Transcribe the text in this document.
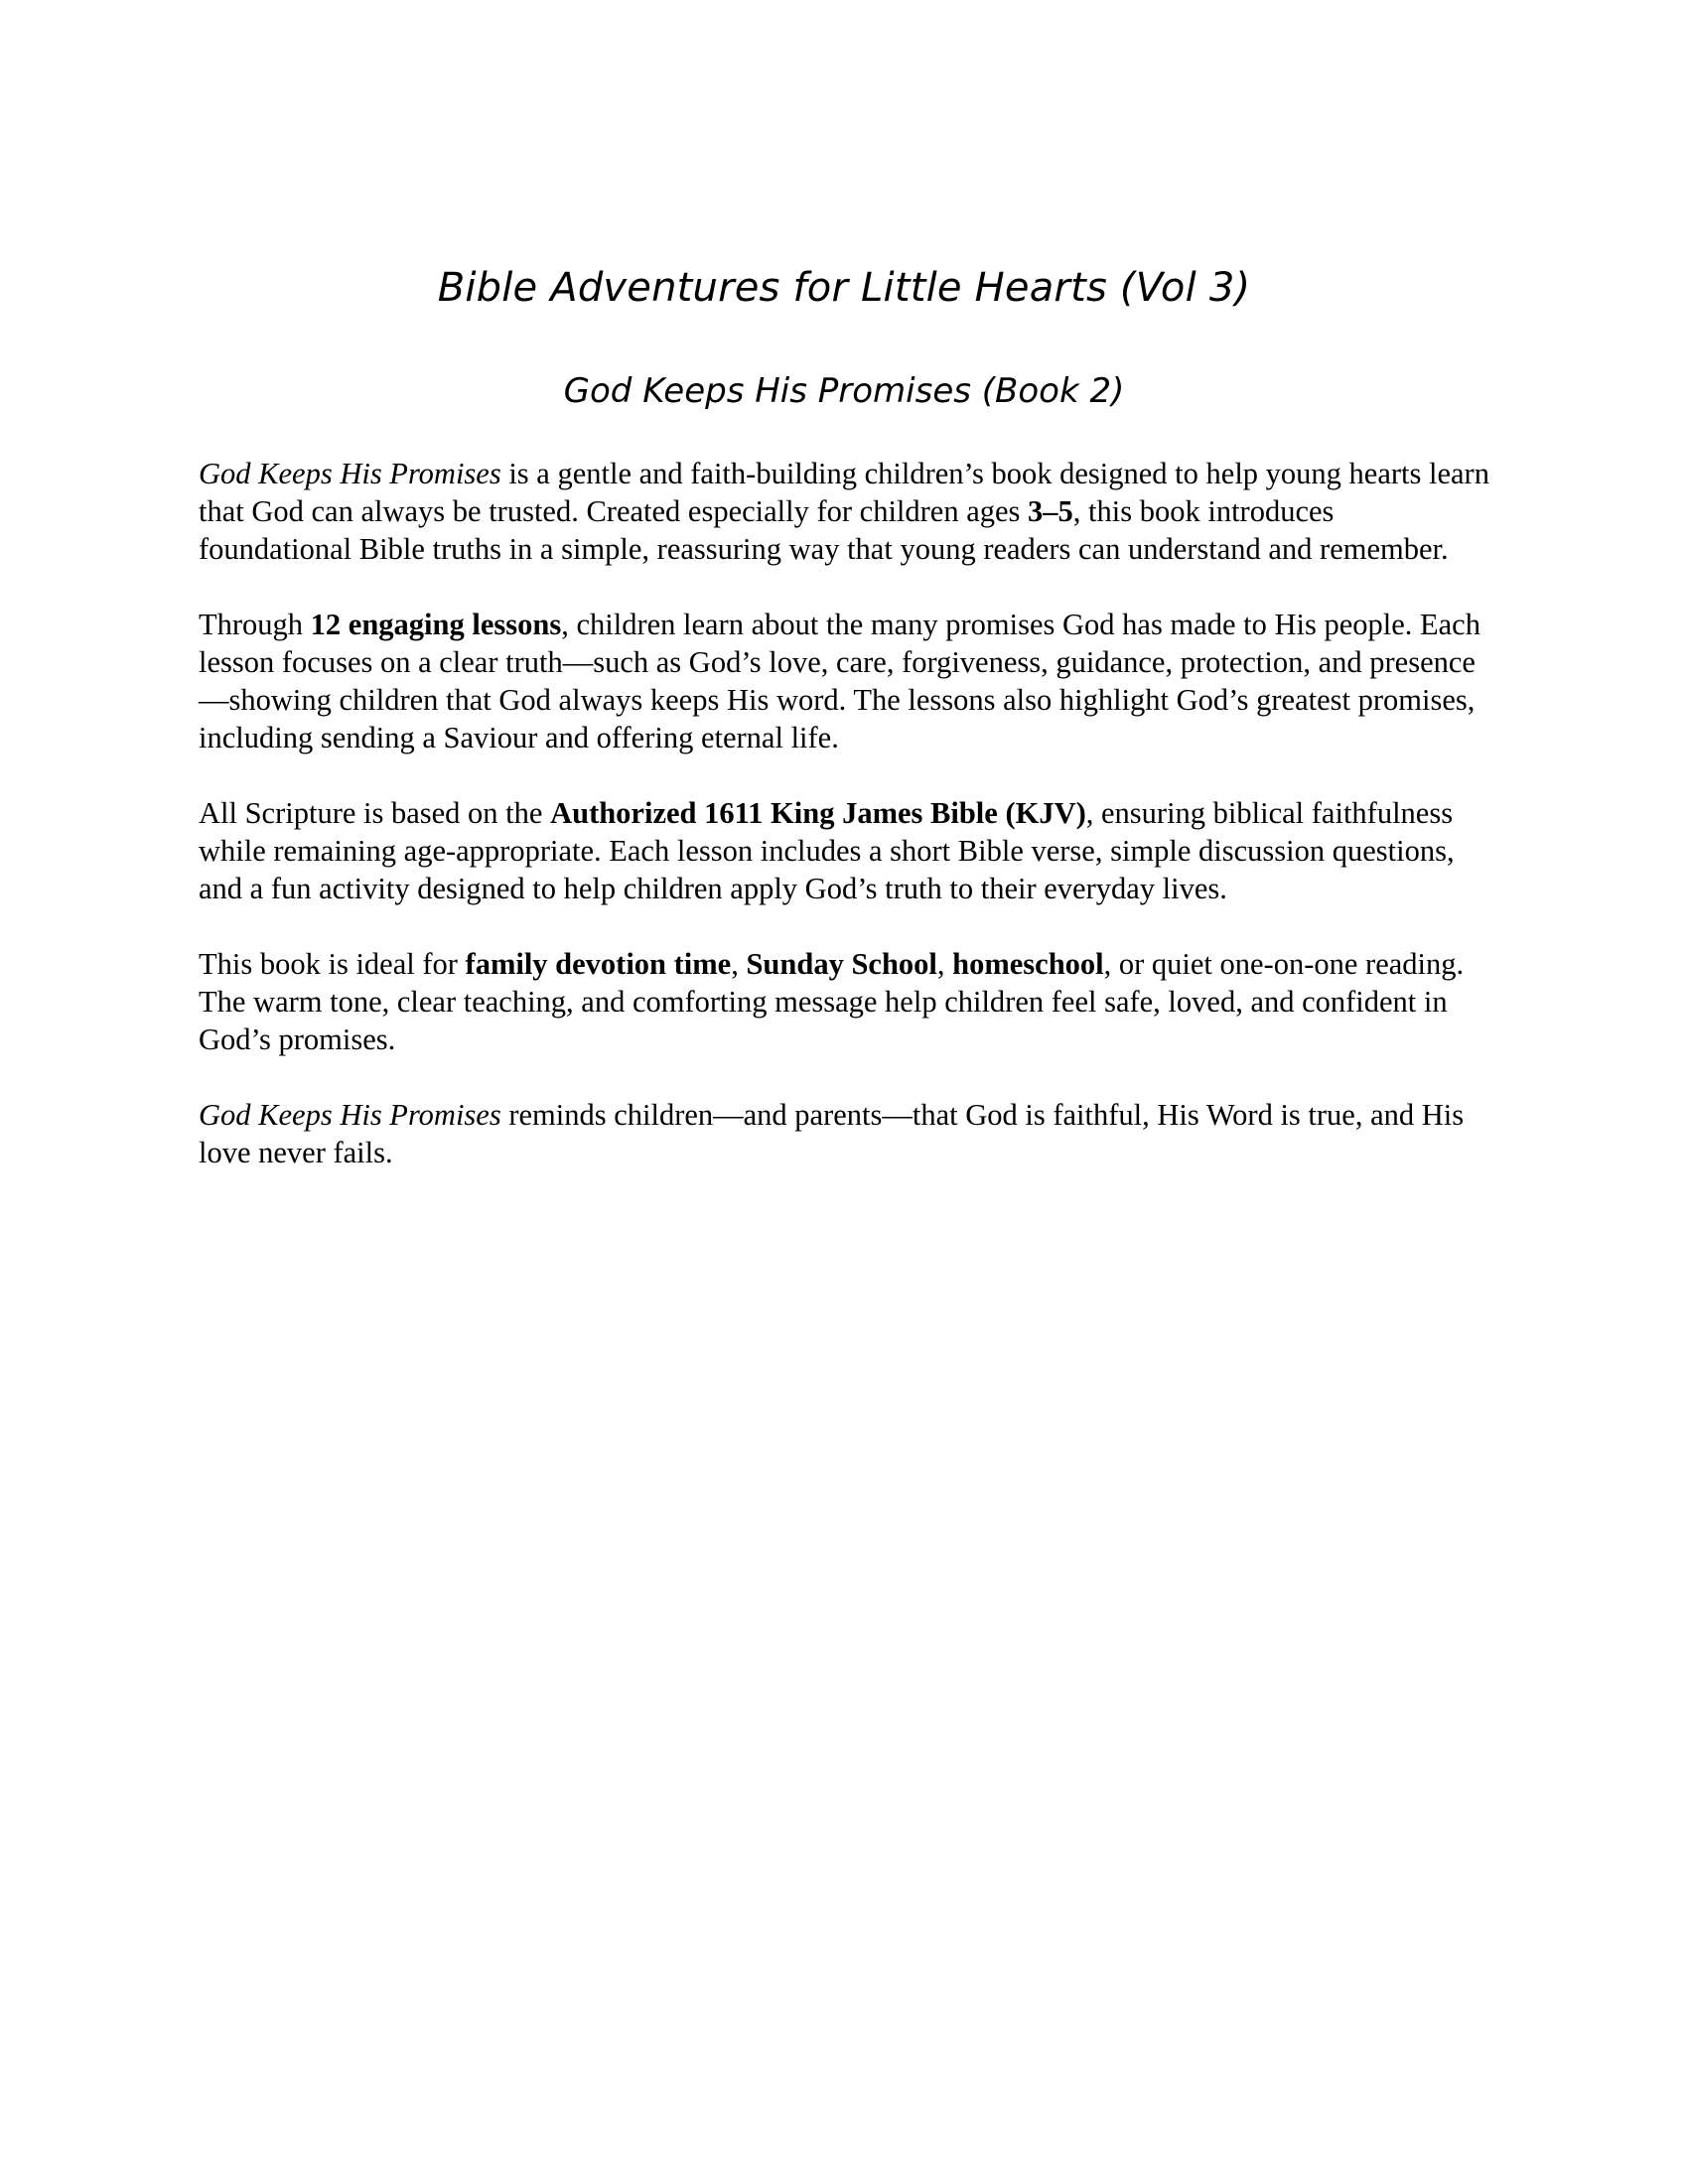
Bible Adventures for Little Hearts (Vol 3)
God Keeps His Promises (Book 2)

God Keeps His Promises is a gentle and faith-building children’s book designed to help young hearts learn that God can always be trusted. Created especially for children ages 3–5, this book introduces foundational Bible truths in a simple, reassuring way that young readers can understand and remember.

Through 12 engaging lessons, children learn about the many promises God has made to His people. Each lesson focuses on a clear truth—such as God’s love, care, forgiveness, guidance, protection, and presence—showing children that God always keeps His word. The lessons also highlight God’s greatest promises, including sending a Saviour and offering eternal life.

All Scripture is based on the Authorized 1611 King James Bible (KJV), ensuring biblical faithfulness while remaining age-appropriate. Each lesson includes a short Bible verse, simple discussion questions, and a fun activity designed to help children apply God’s truth to their everyday lives.

This book is ideal for family devotion time, Sunday School, homeschool, or quiet one-on-one reading. The warm tone, clear teaching, and comforting message help children feel safe, loved, and confident in God’s promises.

God Keeps His Promises reminds children—and parents—that God is faithful, His Word is true, and His love never fails.
